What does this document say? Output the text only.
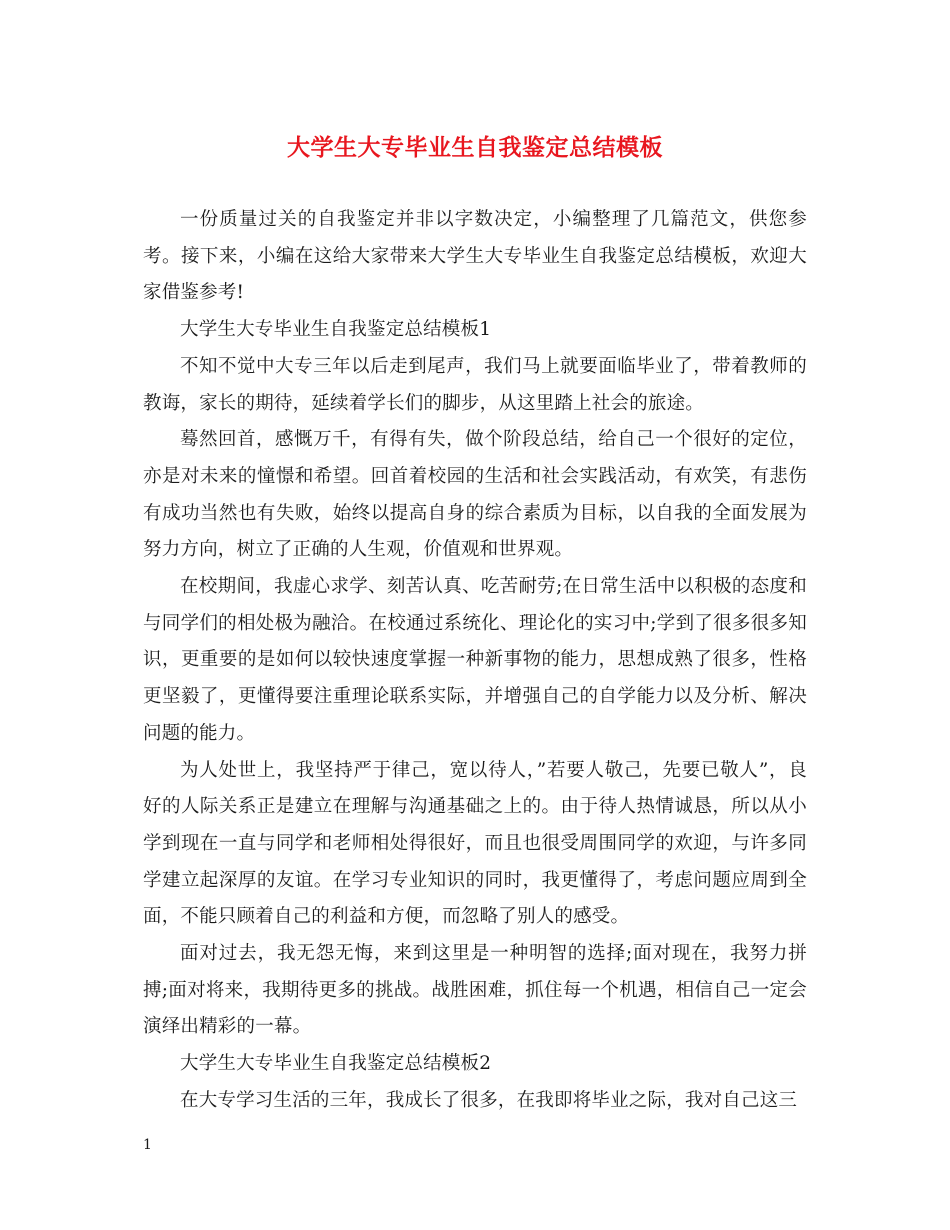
大学生大专毕业生自我鉴定总结模板

一份质量过关的自我鉴定并非以字数决定，小编整理了几篇范文，供您参考。接下来，小编在这给大家带来大学生大专毕业生自我鉴定总结模板，欢迎大家借鉴参考!

大学生大专毕业生自我鉴定总结模板1

不知不觉中大专三年以后走到尾声，我们马上就要面临毕业了，带着教师的教诲，家长的期待，延续着学长们的脚步，从这里踏上社会的旅途。

蓦然回首，感慨万千，有得有失，做个阶段总结，给自己一个很好的定位，亦是对未来的憧憬和希望。回首着校园的生活和社会实践活动，有欢笑，有悲伤有成功当然也有失败，始终以提高自身的综合素质为目标，以自我的全面发展为努力方向，树立了正确的人生观，价值观和世界观。

在校期间，我虚心求学、刻苦认真、吃苦耐劳;在日常生活中以积极的态度和与同学们的相处极为融洽。在校通过系统化、理论化的实习中;学到了很多很多知识，更重要的是如何以较快速度掌握一种新事物的能力，思想成熟了很多，性格更坚毅了，更懂得要注重理论联系实际，并增强自己的自学能力以及分析、解决问题的能力。

为人处世上，我坚持严于律己，宽以待人，”若要人敬己，先要已敬人”，良好的人际关系正是建立在理解与沟通基础之上的。由于待人热情诚恳，所以从小学到现在一直与同学和老师相处得很好，而且也很受周围同学的欢迎，与许多同学建立起深厚的友谊。在学习专业知识的同时，我更懂得了，考虑问题应周到全面，不能只顾着自己的利益和方便，而忽略了别人的感受。

面对过去，我无怨无悔，来到这里是一种明智的选择;面对现在，我努力拼搏;面对将来，我期待更多的挑战。战胜困难，抓住每一个机遇，相信自己一定会演绎出精彩的一幕。

大学生大专毕业生自我鉴定总结模板2

在大专学习生活的三年，我成长了很多，在我即将毕业之际，我对自己这三

1
